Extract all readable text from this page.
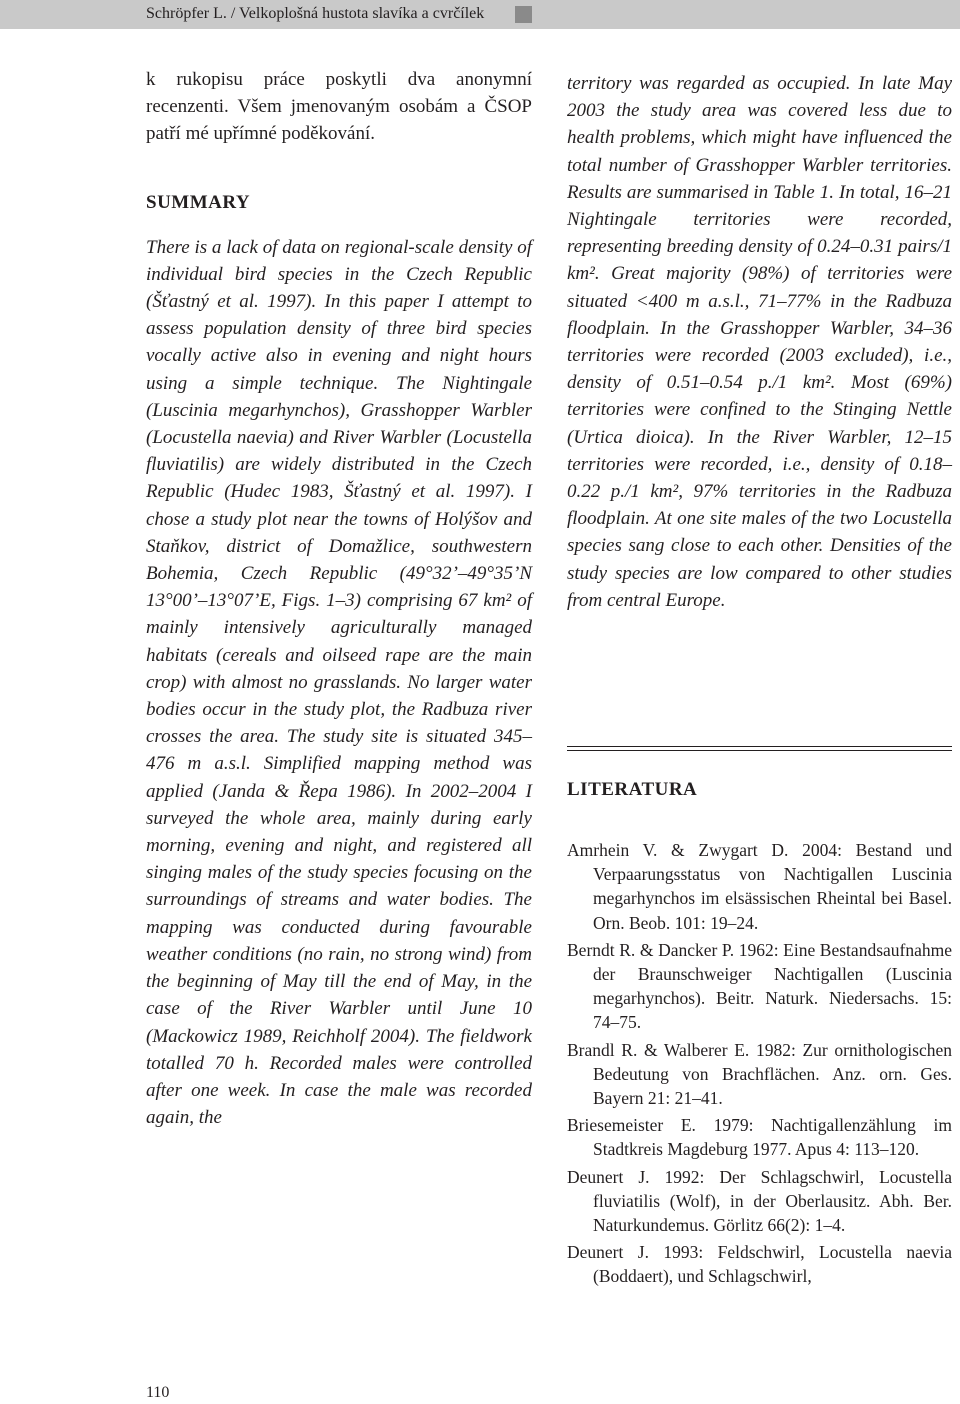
Schröpfer L. / Velkoplošná hustota slavíka a cvrčílek

k rukopisu práce poskytli dva anonymní recenzenti. Všem jmenovaným osobám a ČSOP patří mé upřímné poděkování.

SUMMARY

There is a lack of data on regional-scale density of individual bird species in the Czech Republic (Šťastný et al. 1997). In this paper I attempt to assess population density of three bird species vocally active also in evening and night hours using a simple technique. The Nightingale (Luscinia megarhynchos), Grasshopper Warbler (Locustella naevia) and River Warbler (Locustella fluviatilis) are widely distributed in the Czech Republic (Hudec 1983, Šťastný et al. 1997). I chose a study plot near the towns of Holýšov and Staňkov, district of Domažlice, southwestern Bohemia, Czech Republic (49°32’–49°35’N 13°00’–13°07’E, Figs. 1–3) comprising 67 km² of mainly intensively agriculturally managed habitats (cereals and oilseed rape are the main crop) with almost no grasslands. No larger water bodies occur in the study plot, the Radbuza river crosses the area. The study site is situated 345–476 m a.s.l. Simplified mapping method was applied (Janda & Řepa 1986). In 2002–2004 I surveyed the whole area, mainly during early morning, evening and night, and registered all singing males of the study species focusing on the surroundings of streams and water bodies. The mapping was conducted during favourable weather conditions (no rain, no strong wind) from the beginning of May till the end of May, in the case of the River Warbler until June 10 (Mackowicz 1989, Reichholf 2004). The fieldwork totalled 70 h. Recorded males were controlled after one week. In case the male was recorded again, the

territory was regarded as occupied. In late May 2003 the study area was covered less due to health problems, which might have influenced the total number of Grasshopper Warbler territories. Results are summarised in Table 1. In total, 16–21 Nightingale territories were recorded, representing breeding density of 0.24–0.31 pairs/1 km². Great majority (98%) of territories were situated <400 m a.s.l., 71–77% in the Radbuza floodplain. In the Grasshopper Warbler, 34–36 territories were recorded (2003 excluded), i.e., density of 0.51–0.54 p./1 km². Most (69%) territories were confined to the Stinging Nettle (Urtica dioica). In the River Warbler, 12–15 territories were recorded, i.e., density of 0.18–0.22 p./1 km², 97% territories in the Radbuza floodplain. At one site males of the two Locustella species sang close to each other. Densities of the study species are low compared to other studies from central Europe.

LITERATURA

Amrhein V. & Zwygart D. 2004: Bestand und Verpaarungsstatus von Nachtigallen Luscinia megarhynchos im elsässischen Rheintal bei Basel. Orn. Beob. 101: 19–24.

Berndt R. & Dancker P. 1962: Eine Bestandsaufnahme der Braunschweiger Nachtigallen (Luscinia megarhynchos). Beitr. Naturk. Niedersachs. 15: 74–75.

Brandl R. & Walberer E. 1982: Zur ornithologischen Bedeutung von Brachflächen. Anz. orn. Ges. Bayern 21: 21–41.

Briesemeister E. 1979: Nachtigallenzählung im Stadtkreis Magdeburg 1977. Apus 4: 113–120.

Deunert J. 1992: Der Schlagschwirl, Locustella fluviatilis (Wolf), in der Oberlausitz. Abh. Ber. Naturkundemus. Görlitz 66(2): 1–4.

Deunert J. 1993: Feldschwirl, Locustella naevia (Boddaert), und Schlagschwirl,

110
